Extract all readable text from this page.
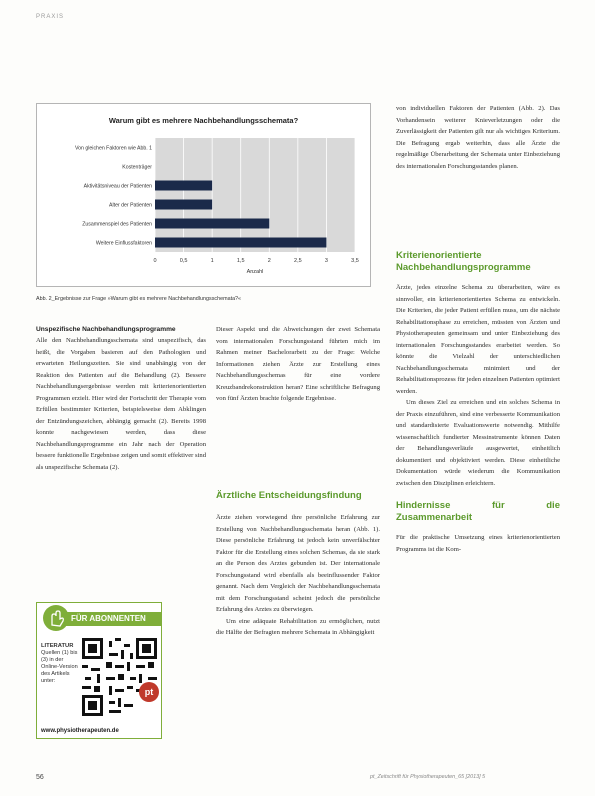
PRAXIS
Warum gibt es mehrere Nachbehandlungsschemata?
0	0,5	1	1,5	2	2,5	3	3,5
Von gleichen Faktoren wie Abb. 1
Kostenträger
Aktivitätsniveau der Patienten
Alter der Patienten
Zusammenspiel des Patienten
Weitere Einflussfaktoren
Anzahl
Abb. 2_Ergebnisse zur Frage »Warum gibt es mehrere Nachbehandlungsschemata?«

Unspezifische Nachbehandlungsprogramme

Alle den Nachbehandlungsschemata sind unspezifisch, das heißt, die Vorgaben basieren auf den Pathologien und erwarteten Heilungszeiten. Sie sind unabhängig von der Reaktion des Patienten auf die Behandlung (2). Bessere Nachbehandlungsergebnisse werden mit kriterienorientierten Programmen erzielt. Hier wird der Fortschritt der Therapie vom Erfüllen bestimmter Kriterien, beispielsweise dem Abklingen der Entzündungszeichen, abhängig gemacht (2). Bereits 1998 konnte nachgewiesen werden, dass diese Nachbehandlungsprogramme ein Jahr nach der Operation bessere funktionelle Ergebnisse zeigen und somit effektiver sind als unspezifische Schemata (2).

FÜR ABONNENTEN
LITERATUR
Quellen (1) bis (3) in der Online-Version des Artikels unter:
pt
www.physiotherapeuten.de

Dieser Aspekt und die Abweichungen der zwei Schemata vom internationalen Forschungsstand führten mich im Rahmen meiner Bachelorarbeit zu der Frage: Welche Informationen ziehen Ärzte zur Erstellung eines Nachbehandlungsschemas für eine vordere Kreuzbandrekonstruktion heran? Eine schriftliche Befragung von fünf Ärzten brachte folgende Ergebnisse.

Ärztliche Entscheidungsfindung

Ärzte ziehen vorwiegend ihre persönliche Erfahrung zur Erstellung von Nachbehandlungsschemata heran (Abb. 1). Diese persönliche Erfahrung ist jedoch kein unverfälschter Faktor für die Erstellung eines solchen Schemas, da sie stark an die Person des Arztes gebunden ist. Der internationale Forschungsstand wird ebenfalls als beeinflussender Faktor genannt. Nach dem Vergleich der Nachbehandlungsschemata mit dem Forschungsstand scheint jedoch die persönliche Erfahrung des Arztes zu überwiegen.

Um eine adäquate Rehabilitation zu ermöglichen, nutzt die Hälfte der Befragten mehrere Schemata in Abhängigkeit

von individuellen Faktoren der Patienten (Abb. 2). Das Vorhandensein weiterer Knieverletzungen oder die Zuverlässigkeit der Patienten gilt nur als wichtiges Kriterium. Die Befragung ergab weiterhin, dass alle Ärzte die regelmäßige Überarbeitung der Schemata unter Einbeziehung des internationalen Forschungsstandes planen.

Kriterienorientierte Nachbehandlungsprogramme

Ärzte, jedes einzelne Schema zu überarbeiten, wäre es sinnvoller, ein kriterienorientiertes Schema zu entwickeln. Die Kriterien, die jeder Patient erfüllen muss, um die nächste Rehabilitationsphase zu erreichen, müssten von Ärzten und Physiotherapeuten gemeinsam und unter Einbeziehung des internationalen Forschungsstandes erarbeitet werden. So könnte die Vielzahl der unterschiedlichen Nachbehandlungsschemata minimiert und der Rehabilitationsprozess für jeden einzelnen Patienten optimiert werden.

Um dieses Ziel zu erreichen und ein solches Schema in der Praxis einzuführen, sind eine verbesserte Kommunikation und standardisierte Evaluationswerte notwendig. Mithilfe wissenschaftlich fundierter Messinstrumente können Daten der Behandlungsverläufe ausgewertet, einheitlich dokumentiert und objektiviert werden. Diese einheitliche Dokumentation würde wiederum die Kommunikation zwischen den Disziplinen erleichtern.

Hindernisse für die Zusammenarbeit

Für die praktische Umsetzung eines kriterienorientierten Programms ist die Kom-

56	pt_Zeitschrift für Physiotherapeuten_65 [2013] 5
